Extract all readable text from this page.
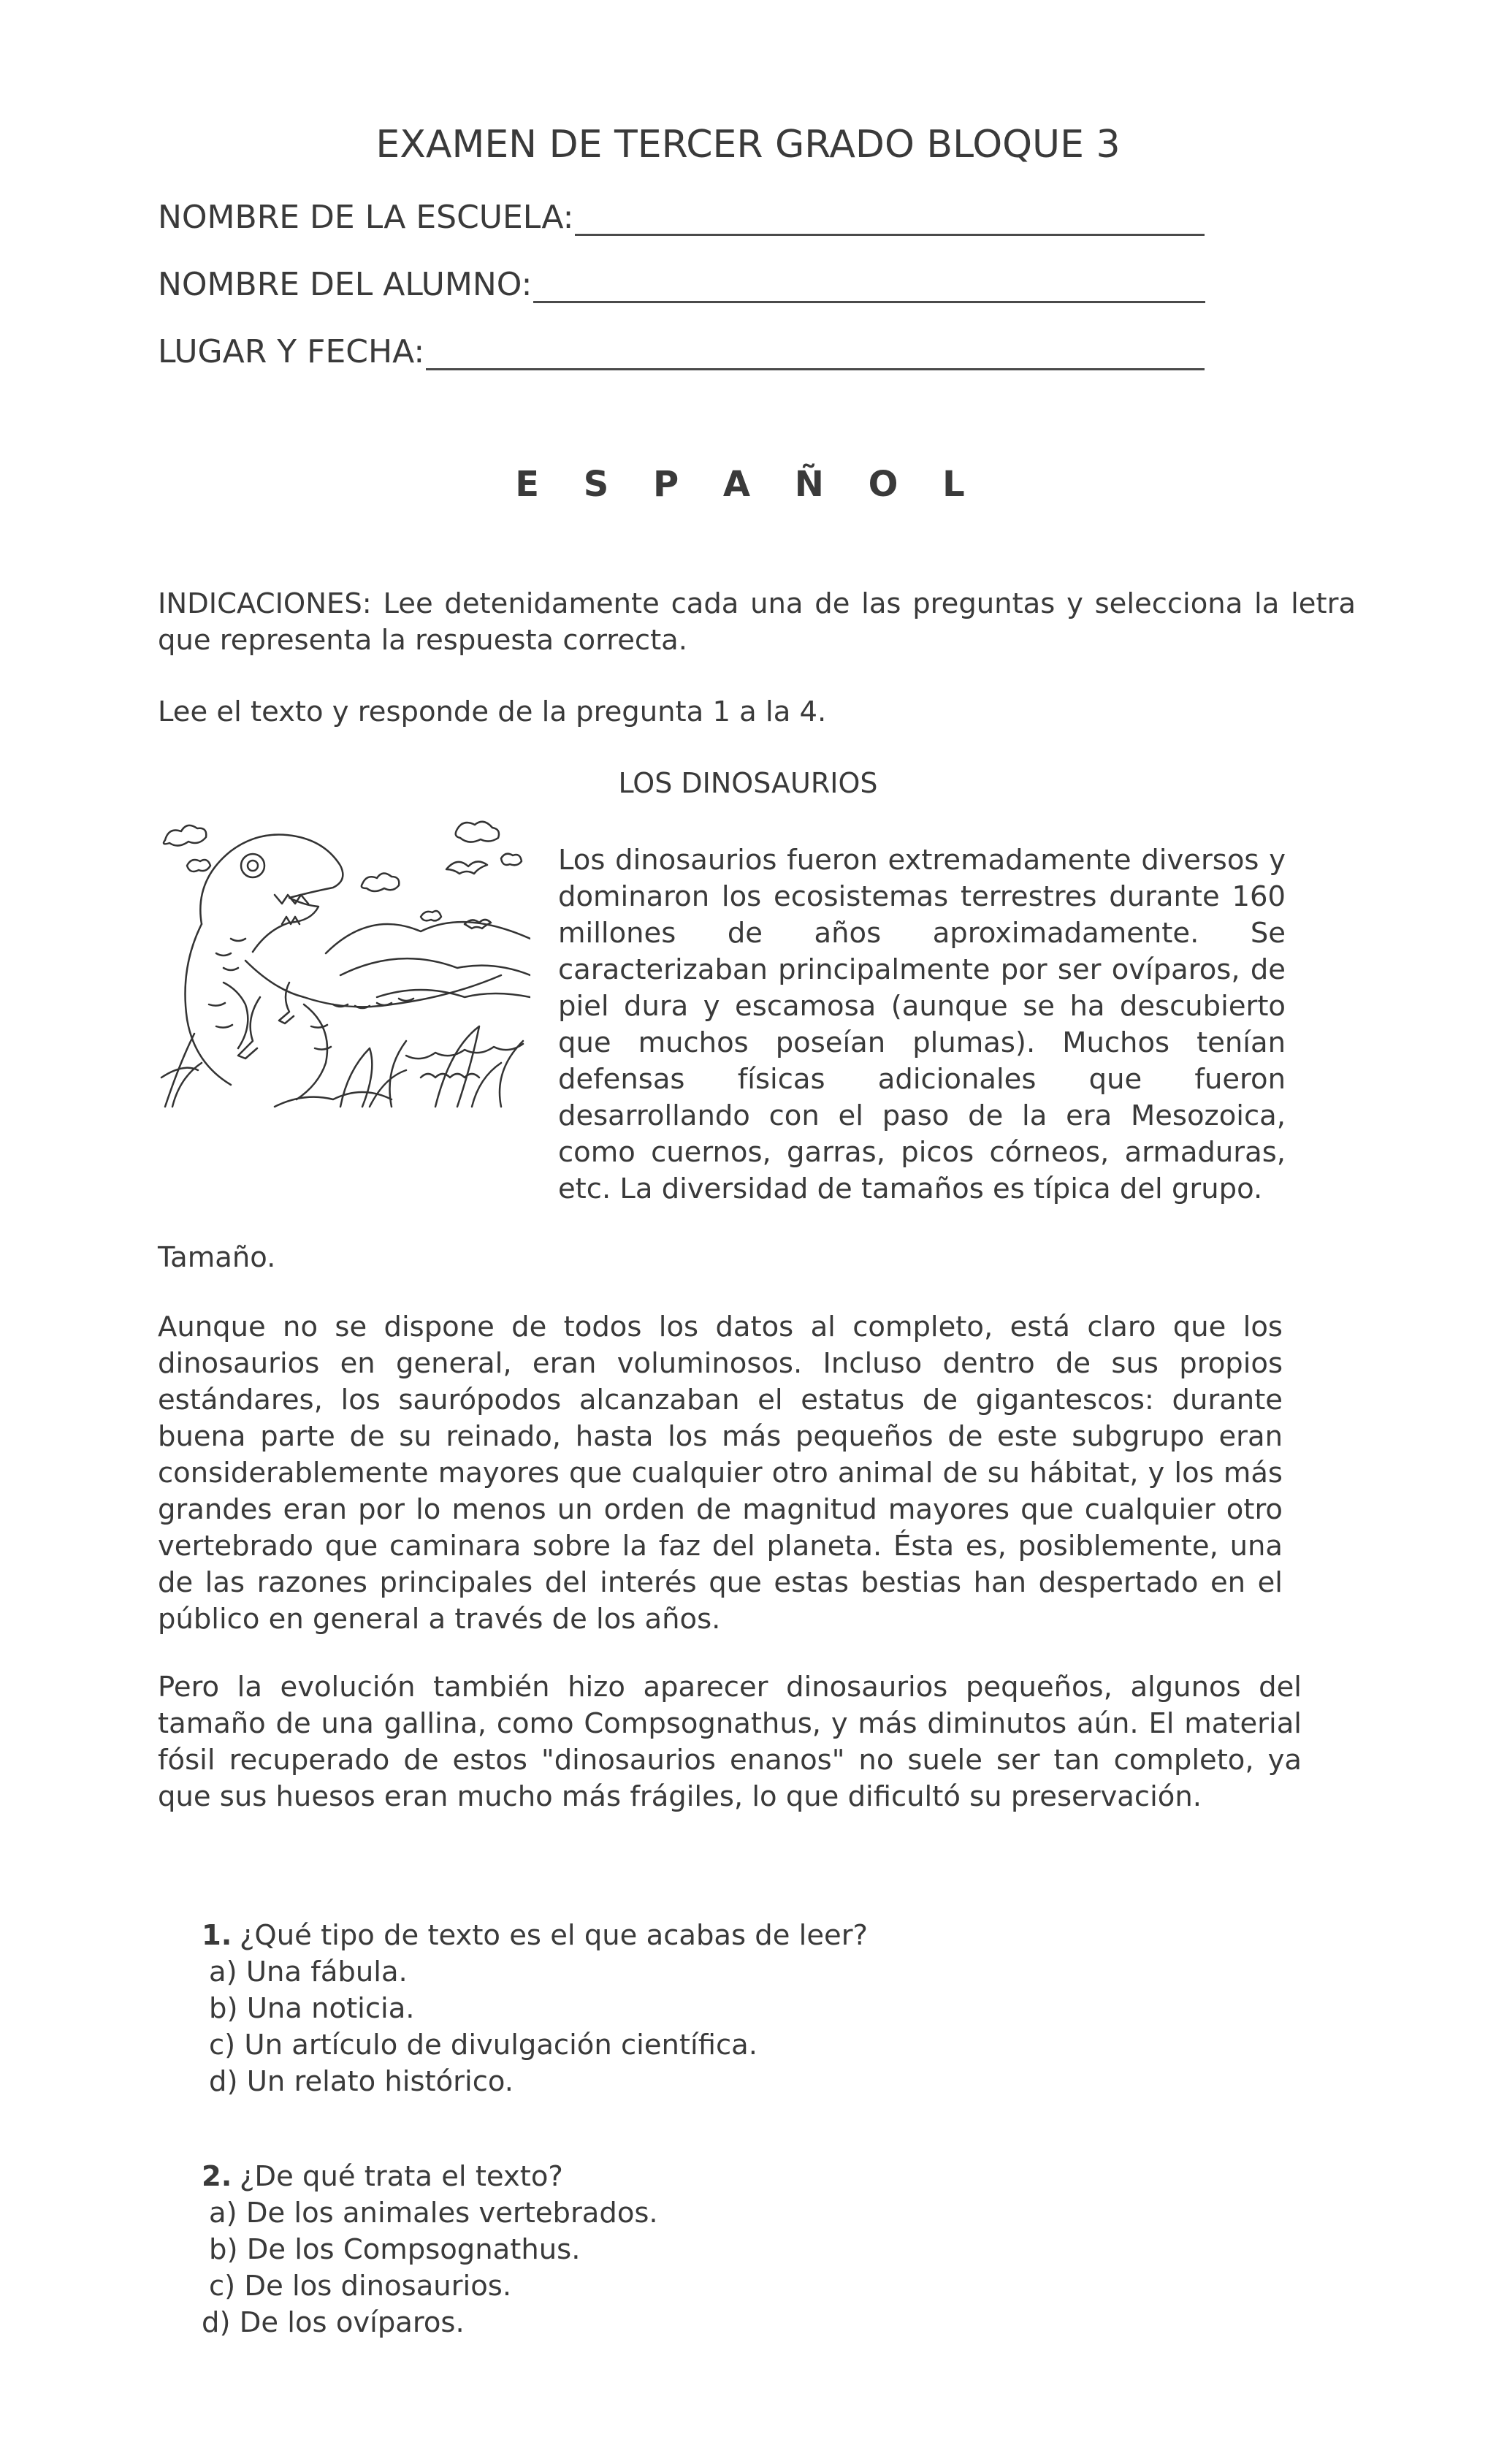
EXAMEN DE TERCER GRADO BLOQUE 3
NOMBRE DE LA ESCUELA:
NOMBRE DEL ALUMNO:
LUGAR Y FECHA:
E S P A Ñ O L
INDICACIONES: Lee detenidamente cada una de las preguntas y selecciona la letra que representa la respuesta correcta.
Lee el texto y responde de la pregunta 1 a la 4.
LOS DINOSAURIOS
Los dinosaurios fueron extremadamente diversos y dominaron los ecosistemas terrestres durante 160 millones de años aproximadamente. Se caracterizaban principalmente por ser ovíparos, de piel dura y escamosa (aunque se ha descubierto que muchos poseían plumas). Muchos tenían defensas físicas adicionales que fueron desarrollando con el paso de la era Mesozoica, como cuernos, garras, picos córneos, armaduras, etc. La diversidad de tamaños es típica del grupo.
Tamaño.
Aunque no se dispone de todos los datos al completo, está claro que los dinosaurios en general, eran voluminosos. Incluso dentro de sus propios estándares, los saurópodos alcanzaban el estatus de gigantescos: durante buena parte de su reinado, hasta los más pequeños de este subgrupo eran considerablemente mayores que cualquier otro animal de su hábitat, y los más grandes eran por lo menos un orden de magnitud mayores que cualquier otro vertebrado que caminara sobre la faz del planeta. Ésta es, posiblemente, una de las razones principales del interés que estas bestias han despertado en el público en general a través de los años.
Pero la evolución también hizo aparecer dinosaurios pequeños, algunos del tamaño de una gallina, como Compsognathus, y más diminutos aún. El material fósil recuperado de estos "dinosaurios enanos" no suele ser tan completo, ya que sus huesos eran mucho más frágiles, lo que dificultó su preservación.
1. ¿Qué tipo de texto es el que acabas de leer?
a) Una fábula.
b) Una noticia.
c) Un artículo de divulgación científica.
d) Un relato histórico.
2. ¿De qué trata el texto?
a) De los animales vertebrados.
b) De los Compsognathus.
c) De los dinosaurios.
d) De los ovíparos.
